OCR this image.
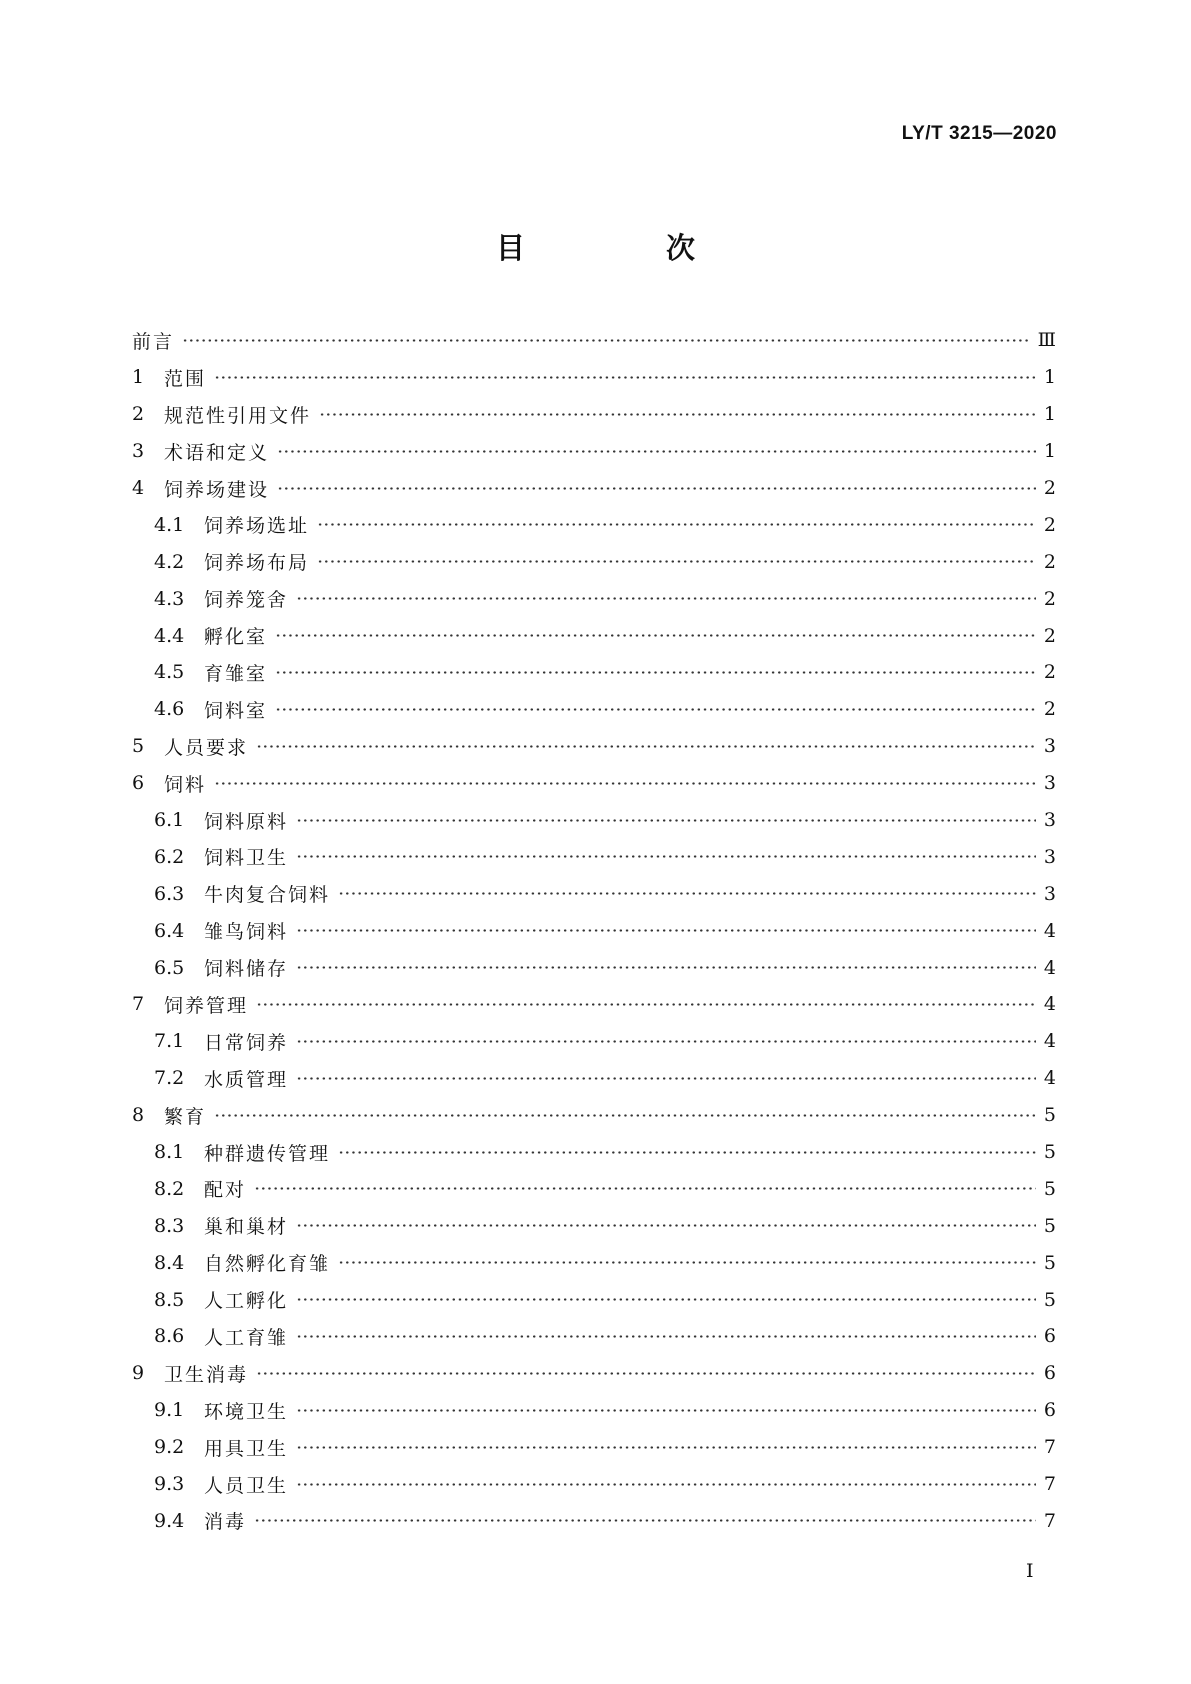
LY/T 3215—2020
目　次
前言	Ⅲ
1	范围	1
2	规范性引用文件	1
3	术语和定义	1
4	饲养场建设	2
4.1	饲养场选址	2
4.2	饲养场布局	2
4.3	饲养笼舍	2
4.4	孵化室	2
4.5	育雏室	2
4.6	饲料室	2
5	人员要求	3
6	饲料	3
6.1	饲料原料	3
6.2	饲料卫生	3
6.3	牛肉复合饲料	3
6.4	雏鸟饲料	4
6.5	饲料储存	4
7	饲养管理	4
7.1	日常饲养	4
7.2	水质管理	4
8	繁育	5
8.1	种群遗传管理	5
8.2	配对	5
8.3	巢和巢材	5
8.4	自然孵化育雏	5
8.5	人工孵化	5
8.6	人工育雏	6
9	卫生消毒	6
9.1	环境卫生	6
9.2	用具卫生	7
9.3	人员卫生	7
9.4	消毒	7
I
